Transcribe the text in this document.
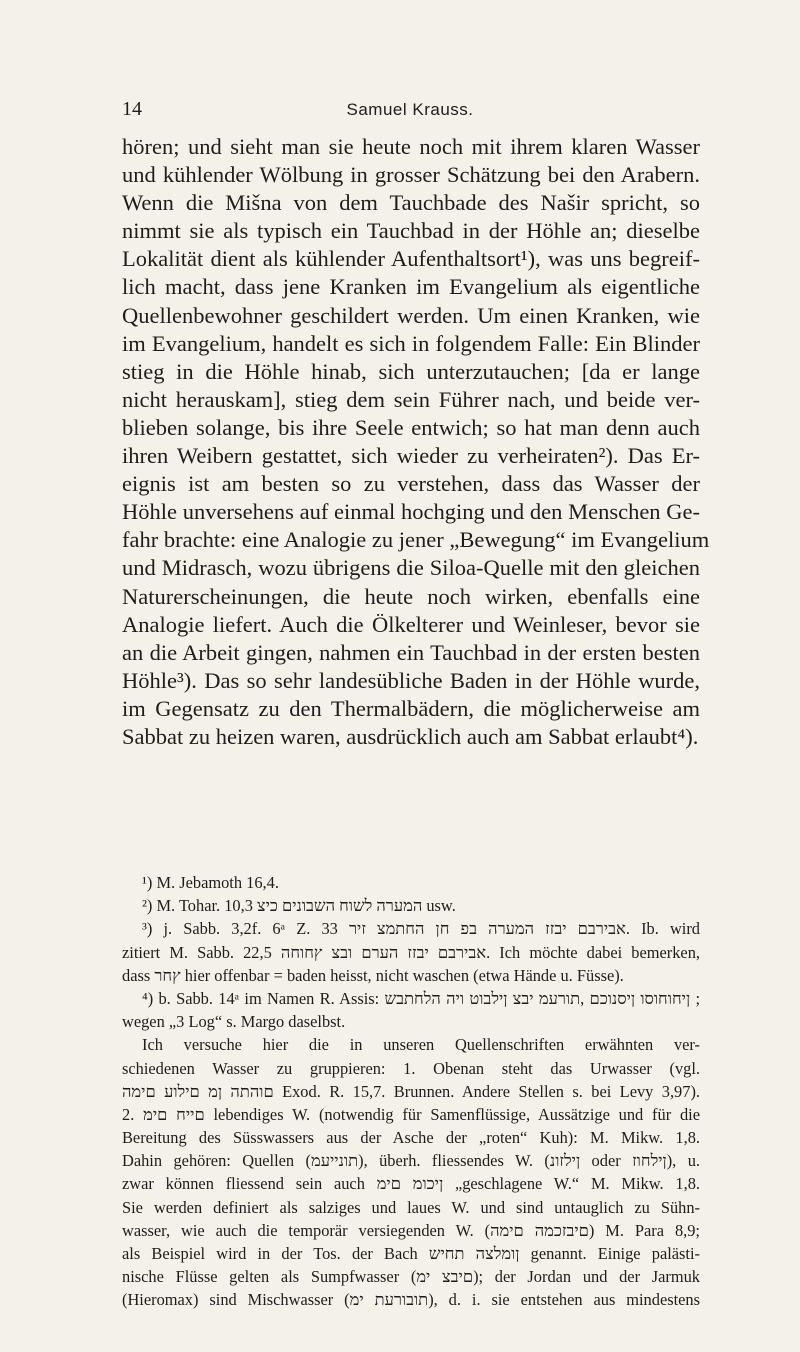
14	Samuel Krauss.
hören; und sieht man sie heute noch mit ihrem klaren Wasser
und kühlender Wölbung in grosser Schätzung bei den Arabern.
Wenn die Mišna von dem Tauchbade des Našir spricht, so
nimmt sie als typisch ein Tauchbad in der Höhle an; dieselbe
Lokalität dient als kühlender Aufenthaltsort¹), was uns begreif-
lich macht, dass jene Kranken im Evangelium als eigentliche
Quellenbewohner geschildert werden. Um einen Kranken, wie
im Evangelium, handelt es sich in folgendem Falle: Ein Blinder
stieg in die Höhle hinab, sich unterzutauchen; [da er lange
nicht herauskam], stieg dem sein Führer nach, und beide ver-
blieben solange, bis ihre Seele entwich; so hat man denn auch
ihren Weibern gestattet, sich wieder zu verheiraten²). Das Er-
eignis ist am besten so zu verstehen, dass das Wasser der
Höhle unversehens auf einmal hochging und den Menschen Ge-
fahr brachte: eine Analogie zu jener „Bewegung“ im Evangelium
und Midrasch, wozu übrigens die Siloa-Quelle mit den gleichen
Naturerscheinungen, die heute noch wirken, ebenfalls eine
Analogie liefert. Auch die Ölkelterer und Weinleser, bevor sie
an die Arbeit gingen, nahmen ein Tauchbad in der ersten besten
Höhle³). Das so sehr landesübliche Baden in der Höhle wurde,
im Gegensatz zu den Thermalbädern, die möglicherweise am
Sabbat zu heizen waren, ausdrücklich auch am Sabbat erlaubt⁴).
¹) M. Jebamoth 16,4.
²) M. Tohar. 10,3 המערה לשוח השבונים כיצ usw.
³) j. Sabb. 3,2f. 6ᵃ Z. 33 אבירבם יבזז המערה בפ חן החתמצ זיר. Ib. wird
zitiert M. Sabb. 22,5 אבירבם יבזז הערם ובצ ץחוחה. Ich möchte dabei bemerken,
dass ץחר hier offenbar = baden heisst, nicht waschen (etwa Hände u. Füsse).
⁴) b. Sabb. 14ᵃ im Namen R. Assis: ןיחוחוסו ןיסנוכם ,תורעמ יבצ ןילבוט ויה הלחתבש ;
wegen „3 Log“ s. Margo daselbst.
Ich versuche hier die in unseren Quellenschriften erwähnten ver-
schiedenen Wasser zu gruppieren: 1. Obenan steht das Urwasser (vgl.
םוהתה ןמ םילוע םימה Exod. R. 15,7. Brunnen. Andere Stellen s. bei Levy 3,97).
2. םייח םימ lebendiges W. (notwendig für Samenflüssige, Aussätzige und für die
Bereitung des Süsswassers aus der Asche der „roten“ Kuh): M. Mikw. 1,8.
Dahin gehören: Quellen (תונייעמ), überh. fliessendes W. (ןילזונ oder ןילחוז), u.
zwar können fliessend sein auch ןיכומ םימ „geschlagene W.“ M. Mikw. 1,8.
Sie werden definiert als salziges und laues W. und sind untauglich zu Sühn-
wasser, wie auch die temporär versiegenden W. (םיבזכמה םימה) M. Para 8,9;
als Beispiel wird in der Tos. der Bach ןומלצה תחיש genannt. Einige palästi-
nische Flüsse gelten als Sumpfwasser (םיבצ ימ); der Jordan und der Jarmuk
(Hieromax) sind Mischwasser (תובורעת ימ), d. i. sie entstehen aus mindestens
